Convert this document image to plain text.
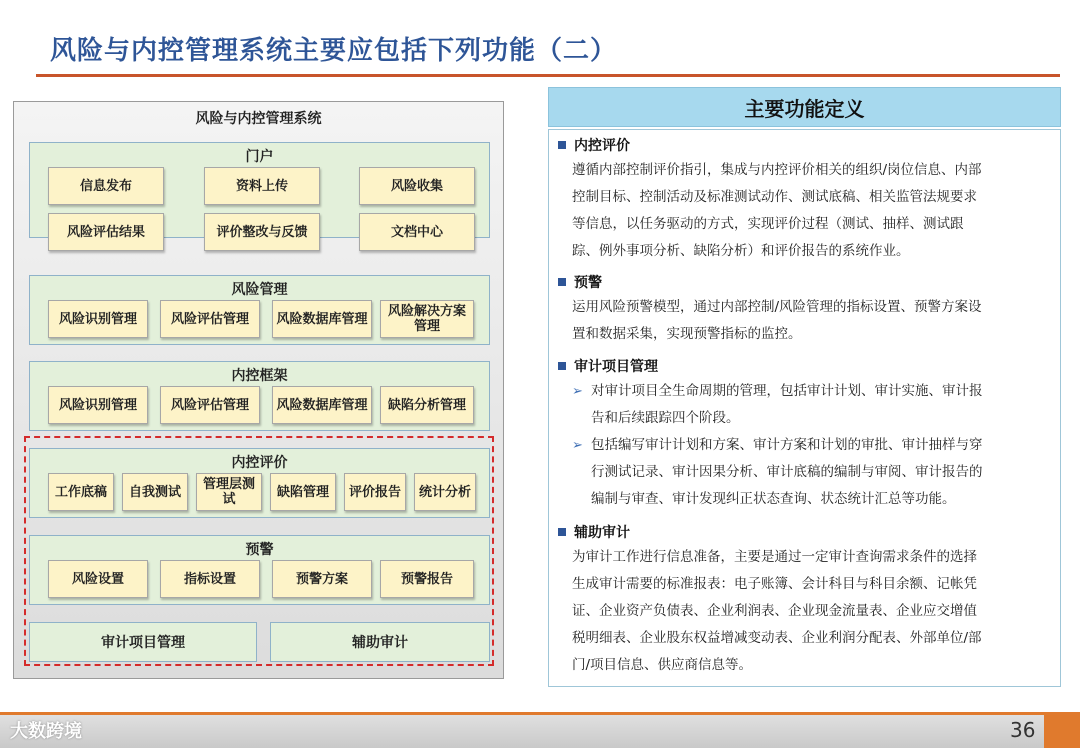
风险与内控管理系统主要应包括下列功能（二）
风险与内控管理系统
门户
信息发布	资料上传	风险收集
风险评估结果	评价整改与反馈	文档中心
风险管理
风险识别管理	风险评估管理	风险数据库管理	风险解决方案管理
内控框架
风险识别管理	风险评估管理	风险数据库管理	缺陷分析管理
内控评价
工作底稿	自我测试	管理层测试	缺陷管理	评价报告	统计分析
预警
风险设置	指标设置	预警方案	预警报告
审计项目管理	辅助审计
主要功能定义
内控评价
遵循内部控制评价指引，集成与内控评价相关的组织/岗位信息、内部
控制目标、控制活动及标准测试动作、测试底稿、相关监管法规要求
等信息，以任务驱动的方式，实现评价过程（测试、抽样、测试跟
踪、例外事项分析、缺陷分析）和评价报告的系统作业。
预警
运用风险预警模型，通过内部控制/风险管理的指标设置、预警方案设
置和数据采集，实现预警指标的监控。
审计项目管理
➢ 对审计项目全生命周期的管理，包括审计计划、审计实施、审计报
告和后续跟踪四个阶段。
➢ 包括编写审计计划和方案、审计方案和计划的审批、审计抽样与穿
行测试记录、审计因果分析、审计底稿的编制与审阅、审计报告的
编制与审查、审计发现纠正状态查询、状态统计汇总等功能。
辅助审计
为审计工作进行信息准备，主要是通过一定审计查询需求条件的选择
生成审计需要的标准报表：电子账簿、会计科目与科目余额、记帐凭
证、企业资产负债表、企业利润表、企业现金流量表、企业应交增值
税明细表、企业股东权益增减变动表、企业利润分配表、外部单位/部
门/项目信息、供应商信息等。
大数跨境	36
